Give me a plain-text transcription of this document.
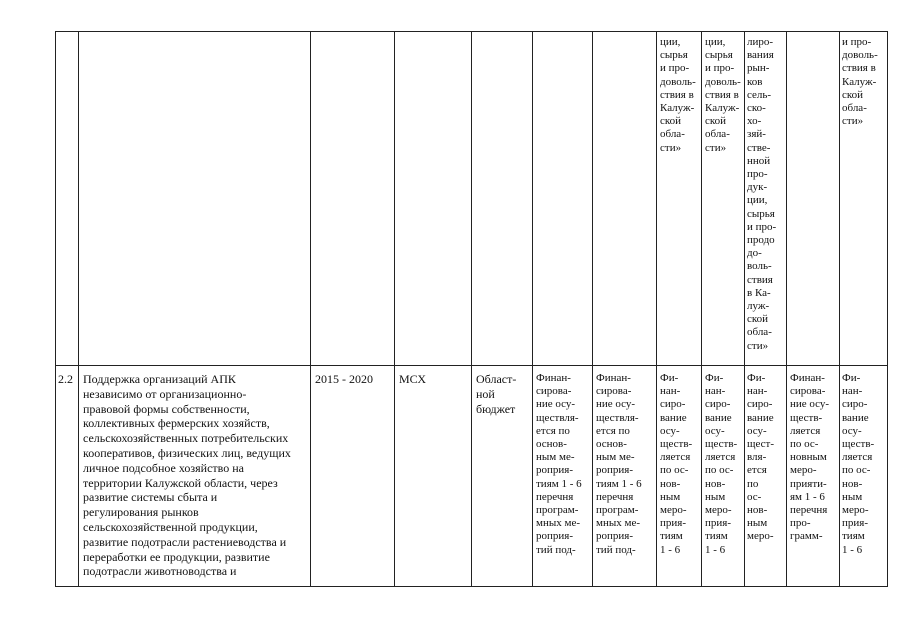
ции,
сырья
и про-
доволь-
ствия в
Калуж-
ской
обла-
сти»
ции,
сырья
и про-
доволь-
ствия в
Калуж-
ской
обла-
сти»
лиро-
вания
рын-
ков
сель-
ско-
хо-
зяй-
стве-
нной
про-
дук-
ции,
сырья
и про-
продо
до-
воль-
ствия
в Ка-
луж-
ской
обла-
сти»
и про-
доволь-
ствия в
Калуж-
ской
обла-
сти»
2.2 Поддержка организаций АПК
независимо от организационно-
правовой формы собственности,
коллективных фермерских хозяйств,
сельскохозяйственных потребительских
кооперативов, физических лиц, ведущих
личное подсобное хозяйство на
территории Калужской области, через
развитие системы сбыта и
регулирования рынков
сельскохозяйственной продукции,
развитие подотрасли растениеводства и
переработки ее продукции, развитие
подотрасли животноводства и
2015 - 2020 МСХ	Област-
ной
бюджет
Финан-
сирова-
ние осу-
ществля-
ется по
основ-
ным ме-
роприя-
тиям 1 - 6
перечня
програм-
мных ме-
роприя-
тий под-
Финан-
сирова-
ние осу-
ществля-
ется по
основ-
ным ме-
роприя-
тиям 1 - 6
перечня
програм-
мных ме-
роприя-
тий под-
Фи-
нан-
сиро-
вание
осу-
ществ-
ляется
по ос-
нов-
ным
меро-
прия-
тиям
1 - 6
Фи-
нан-
сиро-
вание
осу-
ществ-
ляется
по ос-
нов-
ным
меро-
прия-
тиям
1 - 6
Фи-
нан-
сиро-
вание
осу-
щест-
вля-
ется
по
ос-
нов-
ным
меро-
Финан-
сирова-
ние осу-
ществ-
ляется
по ос-
новным
меро-
прияти-
ям 1 - 6
перечня
про-
грамм-
Фи-
нан-
сиро-
вание
осу-
ществ-
ляется
по ос-
нов-
ным
меро-
прия-
тиям
1 - 6
